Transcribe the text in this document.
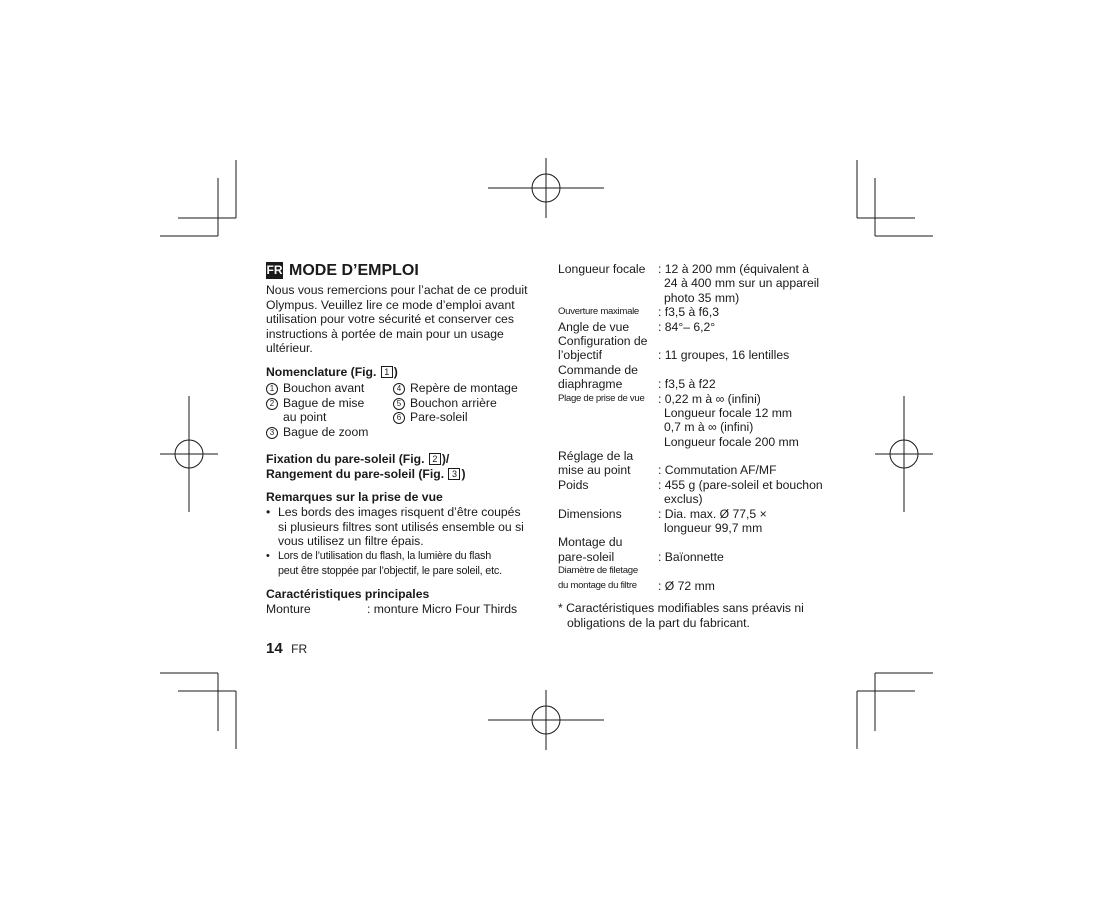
FR MODE D’EMPLOI
Nous vous remercions pour l’achat de ce produit
Olympus. Veuillez lire ce mode d’emploi avant
utilisation pour votre sécurité et conserver ces
instructions à portée de main pour un usage
ultérieur.
Nomenclature (Fig. 1 )
1 Bouchon avant
2 Bague de mise
au point
3 Bague de zoom
4 Repère de montage
5 Bouchon arrière
6 Pare-soleil
Fixation du pare-soleil (Fig. 2 )/
Rangement du pare-soleil (Fig. 3 )
Remarques sur la prise de vue
• Les bords des images risquent d’être coupés
si plusieurs filtres sont utilisés ensemble ou si
vous utilisez un filtre épais.
• Lors de l’utilisation du flash, la lumière du flash
peut être stoppée par l’objectif, le pare soleil, etc.
Caractéristiques principales
Monture	: monture Micro Four Thirds
14 FR
Longueur focale : 12 à 200 mm (équivalent à
24 à 400 mm sur un appareil
photo 35 mm)
Ouverture maximale : f3,5 à f6,3
Angle de vue : 84°– 6,2°
Configuration de
l’objectif	: 11 groupes, 16 lentilles
Commande de
diaphragme	: f3,5 à f22
Plage de prise de vue : 0,22 m à ∞ (infini)
Longueur focale 12 mm
0,7 m à ∞ (infini)
Longueur focale 200 mm
Réglage de la
mise au point : Commutation AF/MF
Poids	: 455 g (pare-soleil et bouchon
exclus)
Dimensions	: Dia. max. Ø 77,5 ×
longueur 99,7 mm
Montage du
pare-soleil	: Baïonnette
Diamètre de filetage
du montage du filtre : Ø 72 mm
* Caractéristiques modifiables sans préavis ni
obligations de la part du fabricant.
